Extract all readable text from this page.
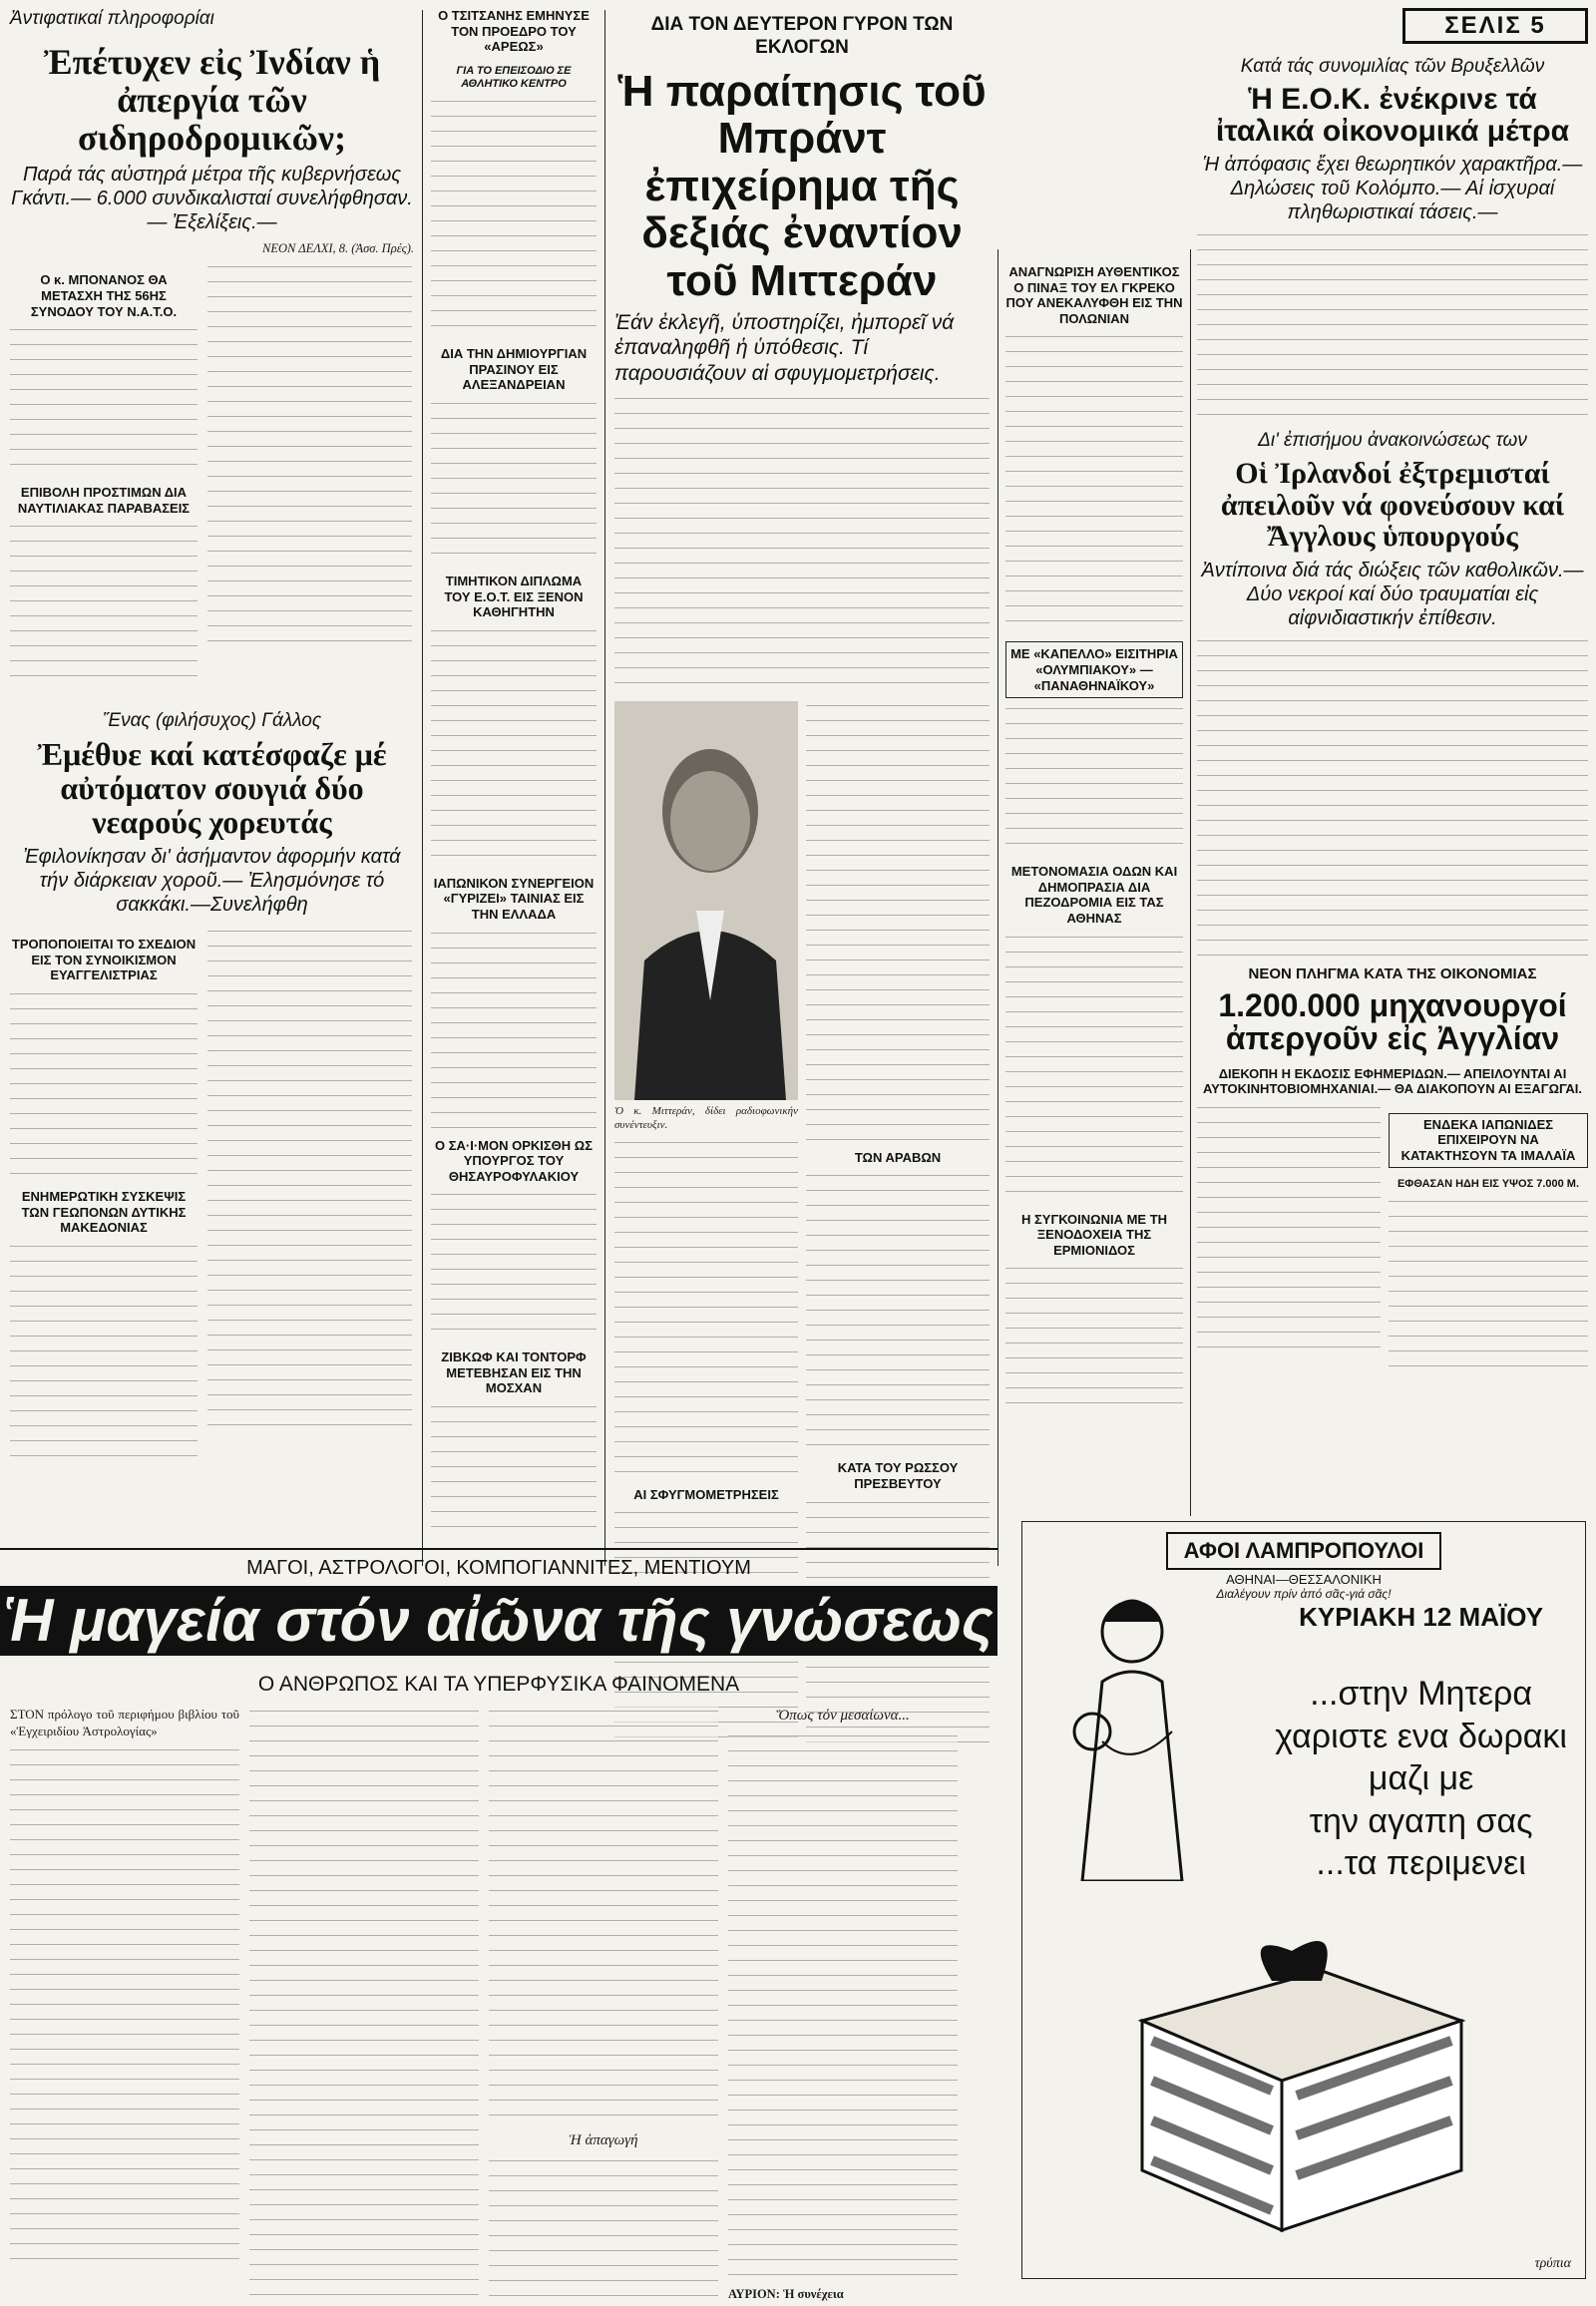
ΣΕΛΙΣ 5
Ἀντιφατικαί πληροφορίαι
Ἐπέτυχεν εἰς Ἰνδίαν ἡ ἀπεργία τῶν σιδηροδρομικῶν;
Παρά τάς αὐστηρά μέτρα τῆς κυβερνήσεως Γκάντι.— 6.000 συνδικαλισταί συνελήφθησαν.— Ἐξελίξεις.—
ΝΕΟΝ ΔΕΛΧΙ, 8. (Ἀσσ. Πρές).
Ο κ. ΜΠΟΝΑΝΟΣ ΘΑ ΜΕΤΑΣΧΗ ΤΗΣ 56ΗΣ ΣΥΝΟΔΟΥ ΤΟΥ Ν.Α.Τ.Ο.
ΕΠΙΒΟΛΗ ΠΡΟΣΤΙΜΩΝ ΔΙΑ ΝΑΥΤΙΛΙΑΚΑΣ ΠΑΡΑΒΑΣΕΙΣ
Ἕνας (φιλήσυχος) Γάλλος
Ἐμέθυε καί κατέσφαζε μέ αὐτόματον σουγιά δύο νεαρούς χορευτάς
Ἐφιλονίκησαν δι' ἀσήμαντον ἀφορμήν κατά τήν διάρκειαν χοροῦ.— Ἐλησμόνησε τό σακκάκι.—Συνελήφθη
ΤΡΟΠΟΠΟΙΕΙΤΑΙ ΤΟ ΣΧΕΔΙΟΝ ΕΙΣ ΤΟΝ ΣΥΝΟΙΚΙΣΜΟΝ ΕΥΑΓΓΕΛΙΣΤΡΙΑΣ
ΕΝΗΜΕΡΩΤΙΚΗ ΣΥΣΚΕΨΙΣ ΤΩΝ ΓΕΩΠΟΝΩΝ ΔΥΤΙΚΗΣ ΜΑΚΕΔΟΝΙΑΣ
Ο ΤΣΙΤΣΑΝΗΣ ΕΜΗΝΥΣΕ ΤΟΝ ΠΡΟΕΔΡΟ ΤΟΥ «ΑΡΕΩΣ»
ΓΙΑ ΤΟ ΕΠΕΙΣΟΔΙΟ ΣΕ ΑΘΛΗΤΙΚΟ ΚΕΝΤΡΟ
ΔΙΑ ΤΗΝ ΔΗΜΙΟΥΡΓΙΑΝ ΠΡΑΣΙΝΟΥ ΕΙΣ ΑΛΕΞΑΝΔΡΕΙΑΝ
ΤΙΜΗΤΙΚΟΝ ΔΙΠΛΩΜΑ ΤΟΥ Ε.Ο.Τ. ΕΙΣ ΞΕΝΟΝ ΚΑΘΗΓΗΤΗΝ
ΙΑΠΩΝΙΚΟΝ ΣΥΝΕΡΓΕΙΟΝ «ΓΥΡΙΖΕΙ» ΤΑΙΝΙΑΣ ΕΙΣ ΤΗΝ ΕΛΛΑΔΑ
Ο ΣΑ·Ι·ΜΟΝ ΟΡΚΙΣΘΗ ΩΣ ΥΠΟΥΡΓΟΣ ΤΟΥ ΘΗΣΑΥΡΟΦΥΛΑΚΙΟΥ
ΖΙΒΚΩΦ ΚΑΙ ΤΟΝΤΟΡΦ ΜΕΤΕΒΗΣΑΝ ΕΙΣ ΤΗΝ ΜΟΣΧΑΝ
ΔΙΑ ΤΟΝ ΔΕΥΤΕΡΟΝ ΓΥΡΟΝ ΤΩΝ ΕΚΛΟΓΩΝ
Ἡ παραίτησις τοῦ Μπράντ ἐπιχείρημα τῆς δεξιάς ἐναντίον τοῦ Μιττεράν
Ἐάν ἐκλεγῆ, ὑποστηρίζει, ἠμπορεῖ νά ἐπαναληφθῆ ἡ ὑπόθεσις. Τί παρουσιάζουν αἱ σφυγμομετρήσεις.
Ὁ κ. Μιττεράν, δίδει ραδιοφωνικήν συνέντευξιν.
ΑΙ ΣΦΥΓΜΟΜΕΤΡΗΣΕΙΣ
ΤΩΝ ΑΡΑΒΩΝ
ΚΑΤΑ ΤΟΥ ΡΩΣΣΟΥ ΠΡΕΣΒΕΥΤΟΥ
ΑΝΑΓΝΩΡΙΣΗ ΑΥΘΕΝΤΙΚΟΣ Ο ΠΙΝΑΞ ΤΟΥ ΕΛ ΓΚΡΕΚΟ ΠΟΥ ΑΝΕΚΑΛΥΦΘΗ ΕΙΣ ΤΗΝ ΠΟΛΩΝΙΑΝ
ΜΕ «ΚΑΠΕΛΛΟ» ΕΙΣΙΤΗΡΙΑ «ΟΛΥΜΠΙΑΚΟΥ» — «ΠΑΝΑΘΗΝΑΪΚΟΥ»
ΜΕΤΟΝΟΜΑΣΙΑ ΟΔΩΝ ΚΑΙ ΔΗΜΟΠΡΑΣΙΑ ΔΙΑ ΠΕΖΟΔΡΟΜΙΑ ΕΙΣ ΤΑΣ ΑΘΗΝΑΣ
Η ΣΥΓΚΟΙΝΩΝΙΑ ΜΕ ΤΗ ΞΕΝΟΔΟΧΕΙΑ ΤΗΣ ΕΡΜΙΟΝΙΔΟΣ
Κατά τάς συνομιλίας τῶν Βρυξελλῶν
Ἡ Ε.Ο.Κ. ἐνέκρινε τά ἰταλικά οἰκονομικά μέτρα
Ἡ ἀπόφασις ἔχει θεωρητικόν χαρακτῆρα.— Δηλώσεις τοῦ Κολόμπο.— Αἱ ἰσχυραί πληθωριστικαί τάσεις.—
Δι' ἐπισήμου ἀνακοινώσεως των
Οἱ Ἰρλανδοί ἐξτρεμισταί ἀπειλοῦν νά φονεύσουν καί Ἄγγλους ὑπουργούς
Ἀντίποινα διά τάς διώξεις τῶν καθολικῶν.— Δύο νεκροί καί δύο τραυματίαι εἰς αἰφνιδιαστικήν ἐπίθεσιν.
ΝΕΟΝ ΠΛΗΓΜΑ ΚΑΤΑ ΤΗΣ ΟΙΚΟΝΟΜΙΑΣ
1.200.000 μηχανουργοί ἀπεργοῦν εἰς Ἀγγλίαν
ΔΙΕΚΟΠΗ Η ΕΚΔΟΣΙΣ ΕΦΗΜΕΡΙΔΩΝ.— ΑΠΕΙΛΟΥΝΤΑΙ ΑΙ ΑΥΤΟΚΙΝΗΤΟΒΙΟΜΗΧΑΝΙΑΙ.— ΘΑ ΔΙΑΚΟΠΟΥΝ ΑΙ ΕΞΑΓΩΓΑΙ.
ΕΝΔΕΚΑ ΙΑΠΩΝΙΔΕΣ ΕΠΙΧΕΙΡΟΥΝ ΝΑ ΚΑΤΑΚΤΗΣΟΥΝ ΤΑ ΙΜΑΛΑΪΑ
ΕΦΘΑΣΑΝ ΗΔΗ ΕΙΣ ΥΨΟΣ 7.000 Μ.
ΜΑΓΟΙ, ΑΣΤΡΟΛΟΓΟΙ, ΚΟΜΠΟΓΙΑΝΝΙΤΕΣ, ΜΕΝΤΙΟΥΜ
Ἡ μαγεία στόν αἰῶνα τῆς γνώσεως
Ο ΑΝΘΡΩΠΟΣ ΚΑΙ ΤΑ ΥΠΕΡΦΥΣΙΚΑ ΦΑΙΝΟΜΕΝΑ
ΣΤΟΝ πρόλογο τοῦ περιφήμου βιβλίου τοῦ «Ἐγχειριδίου Ἀστρολογίας»
Ἡ ἀπαγωγή
Ὅπως τόν μεσαίωνα...
ΑΥΡΙΟΝ: Ἡ συνέχεια
ΑΦΟΙ ΛΑΜΠΡΟΠΟΥΛΟΙ
ΑΘΗΝΑΙ—ΘΕΣΣΑΛΟΝΙΚΗ
Διαλέγουν πρίν ἀπό σᾶς-γιά σᾶς!
ΚΥΡΙΑΚΗ 12 ΜΑΪΟΥ
...στην Μητερα
χαριστε ενα δωρακι
μαζι με
την αγαπη σας
...τα περιμενει
τρύπια
